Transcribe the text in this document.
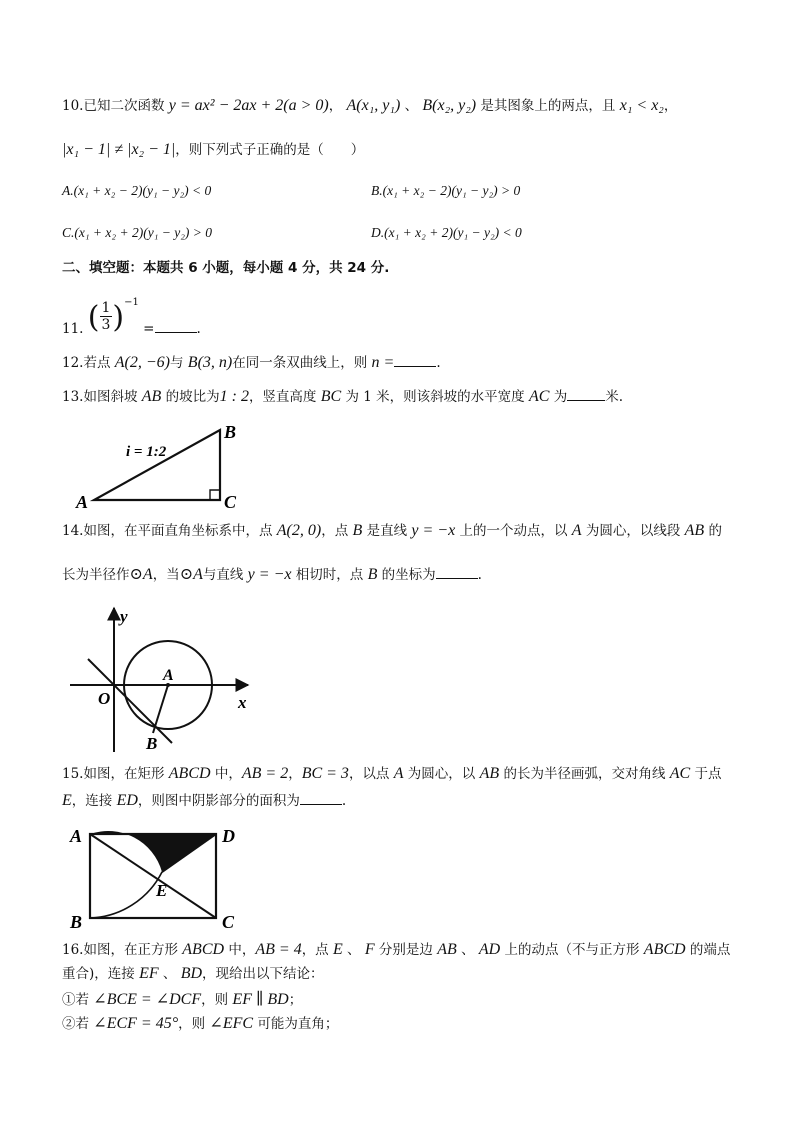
10.已知二次函数 y = ax² − 2ax + 2(a > 0)， A(x₁, y₁) 、 B(x₂, y₂) 是其图象上的两点，且 x₁ < x₂，
|x₁ − 1| ≠ |x₂ − 1|，则下列式子正确的是（　　）
A.(x₁ + x₂ − 2)(y₁ − y₂) < 0	B.(x₁ + x₂ − 2)(y₁ − y₂) > 0
C.(x₁ + x₂ + 2)(y₁ − y₂) > 0	D.(x₁ + x₂ + 2)(y₁ − y₂) < 0
二、填空题：本题共 6 小题，每小题 4 分，共 24 分.
11. ( $\frac{1}{3} )^{-1}$ =	.
12.若点 A(2, −6)与 B(3, n)在同一条双曲线上，则 n =	.
13.如图斜坡 AB 的坡比为1 : 2，竖直高度 BC 为 1 米，则该斜坡的水平宽度 AC 为	米.
i = 1:2
A
B
C
14.如图，在平面直角坐标系中，点 A(2, 0)，点 B 是直线 y = −x 上的一个动点，以 A 为圆心，以线段 AB 的
长为半径作⊙A，当⊙A与直线 y = −x 相切时，点 B 的坐标为	.
y
x
O
A
B
15.如图，在矩形 ABCD 中，AB = 2，BC = 3，以点 A 为圆心，以 AB 的长为半径画弧，交对角线 AC 于点
E，连接 ED，则图中阴影部分的面积为	.
A
B	C
D
E
16.如图，在正方形 ABCD 中，AB = 4，点 E 、 F 分别是边 AB 、 AD 上的动点（不与正方形 ABCD 的端点
重合)，连接 EF 、 BD，现给出以下结论：
①若 ∠BCE = ∠DCF，则 EF ∥ BD；
②若 ∠ECF = 45°，则 ∠EFC 可能为直角；
